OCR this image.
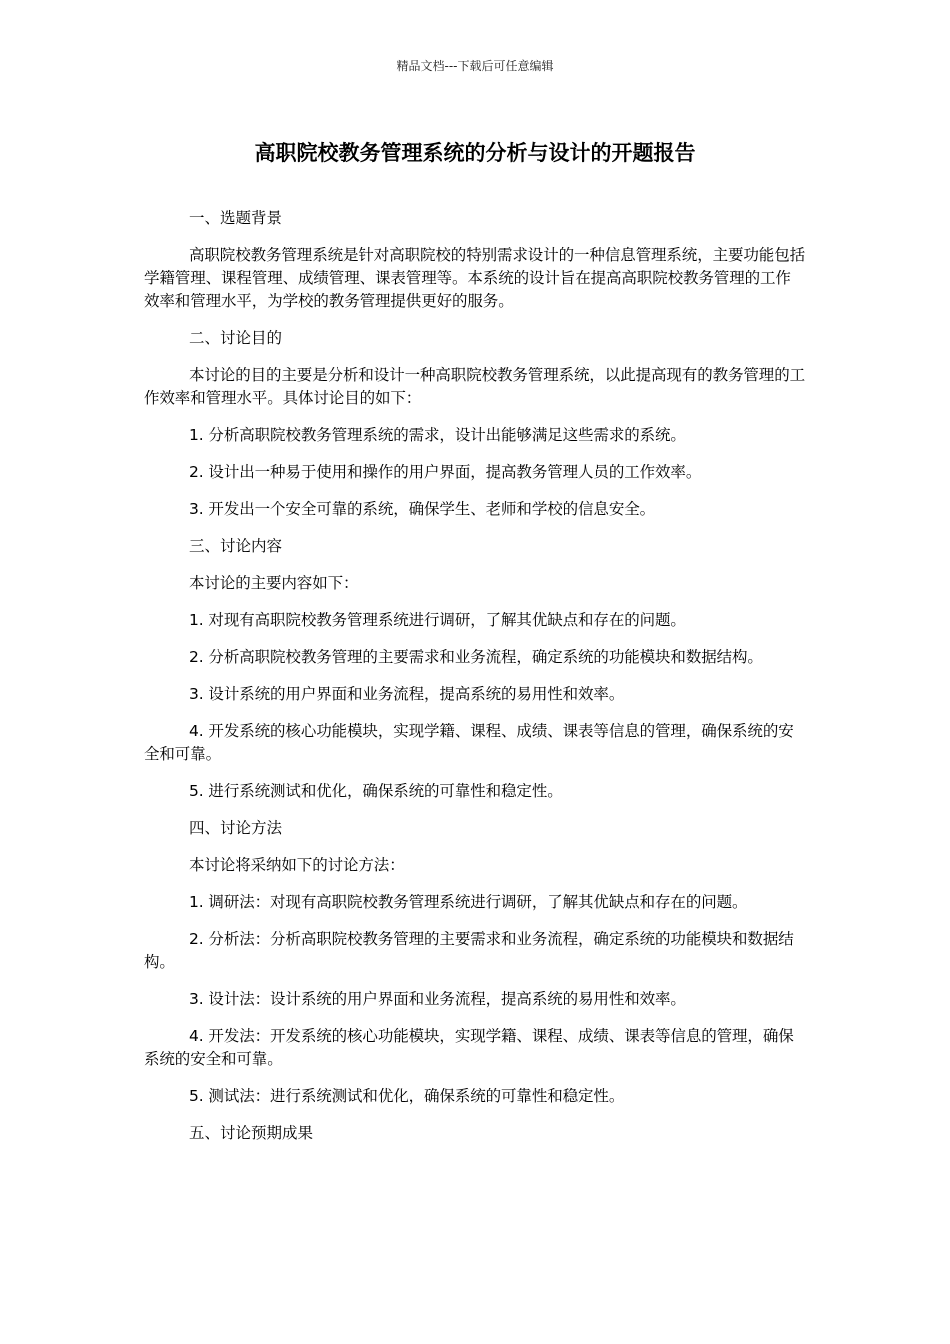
精品文档---下载后可任意编辑
高职院校教务管理系统的分析与设计的开题报告

一、选题背景

高职院校教务管理系统是针对高职院校的特别需求设计的一种信息管理系统，主要功能包括学籍管理、课程管理、成绩管理、课表管理等。本系统的设计旨在提高高职院校教务管理的工作效率和管理水平，为学校的教务管理提供更好的服务。

二、讨论目的

本讨论的目的主要是分析和设计一种高职院校教务管理系统，以此提高现有的教务管理的工作效率和管理水平。具体讨论目的如下：

1. 分析高职院校教务管理系统的需求，设计出能够满足这些需求的系统。

2. 设计出一种易于使用和操作的用户界面，提高教务管理人员的工作效率。

3. 开发出一个安全可靠的系统，确保学生、老师和学校的信息安全。

三、讨论内容

本讨论的主要内容如下：

1. 对现有高职院校教务管理系统进行调研，了解其优缺点和存在的问题。

2. 分析高职院校教务管理的主要需求和业务流程，确定系统的功能模块和数据结构。

3. 设计系统的用户界面和业务流程，提高系统的易用性和效率。

4. 开发系统的核心功能模块，实现学籍、课程、成绩、课表等信息的管理，确保系统的安全和可靠。

5. 进行系统测试和优化，确保系统的可靠性和稳定性。

四、讨论方法

本讨论将采纳如下的讨论方法：

1. 调研法：对现有高职院校教务管理系统进行调研，了解其优缺点和存在的问题。

2. 分析法：分析高职院校教务管理的主要需求和业务流程，确定系统的功能模块和数据结构。

3. 设计法：设计系统的用户界面和业务流程，提高系统的易用性和效率。

4. 开发法：开发系统的核心功能模块，实现学籍、课程、成绩、课表等信息的管理，确保系统的安全和可靠。

5. 测试法：进行系统测试和优化，确保系统的可靠性和稳定性。

五、讨论预期成果
